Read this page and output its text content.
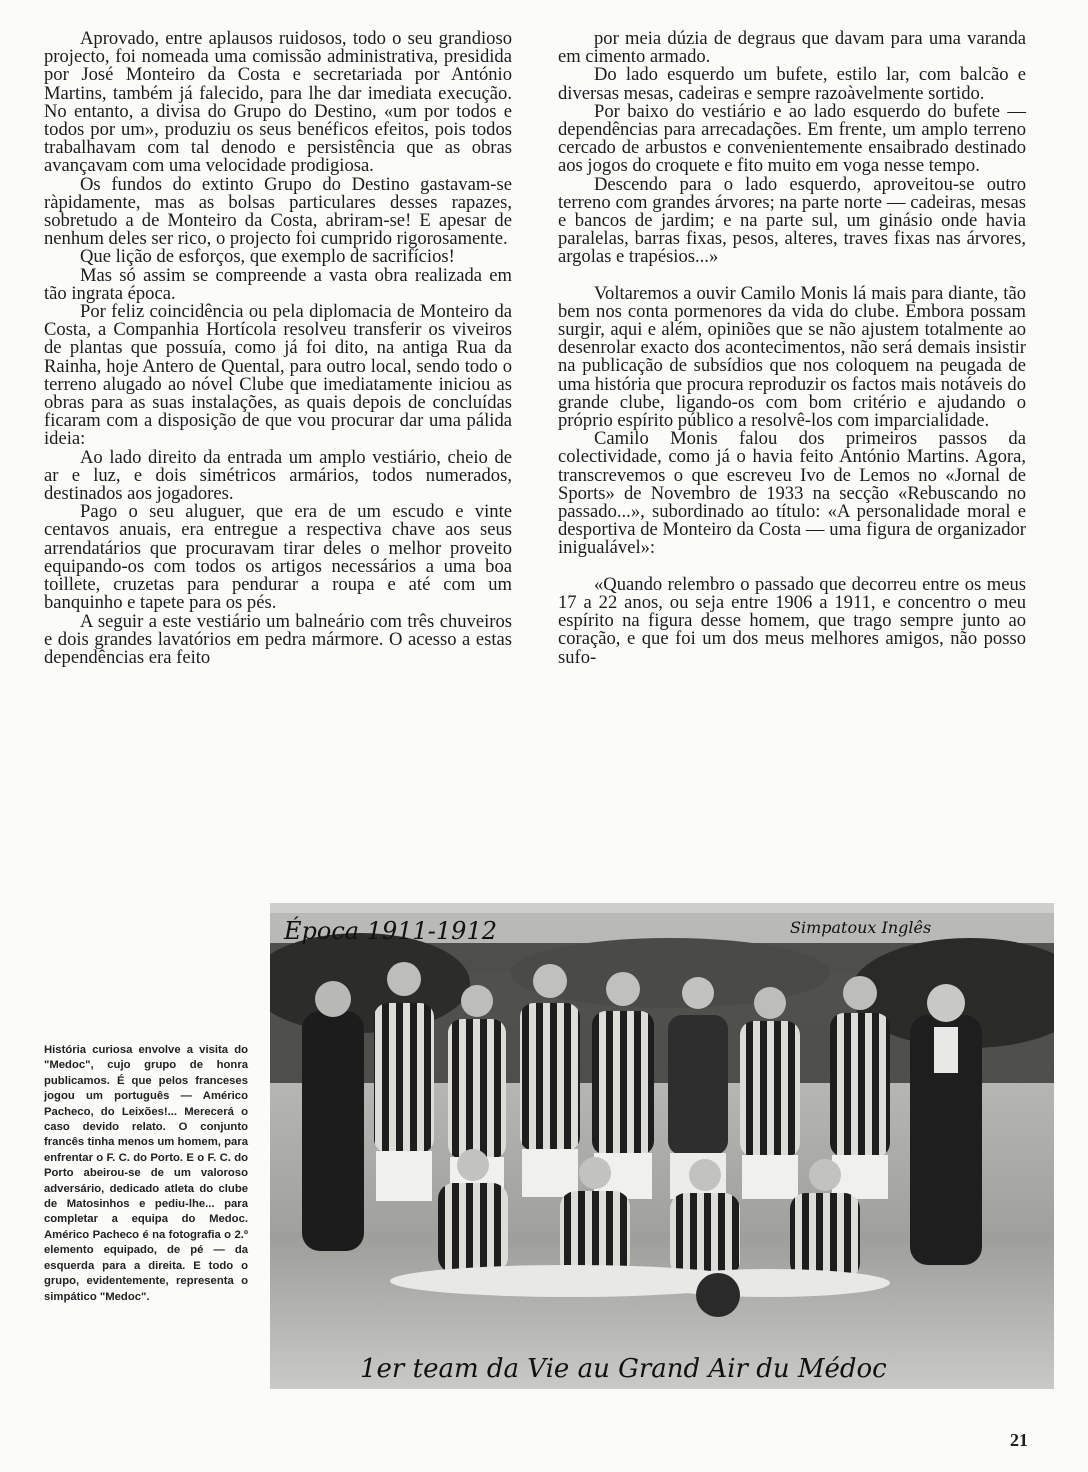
Aprovado, entre aplausos ruidosos, todo o seu grandioso projecto, foi nomeada uma comissão administrativa, presidida por José Monteiro da Costa e secretariada por António Martins, também já falecido, para lhe dar imediata execução. No entanto, a divisa do Grupo do Destino, «um por todos e todos por um», produziu os seus benéficos efeitos, pois todos trabalhavam com tal denodo e persistência que as obras avançavam com uma velocidade prodigiosa.

Os fundos do extinto Grupo do Destino gastavam-se ràpidamente, mas as bolsas particulares desses rapazes, sobretudo a de Monteiro da Costa, abriram-se! E apesar de nenhum deles ser rico, o projecto foi cumprido rigorosamente.

Que lição de esforços, que exemplo de sacrifícios!

Mas só assim se compreende a vasta obra realizada em tão ingrata época.

Por feliz coincidência ou pela diplomacia de Monteiro da Costa, a Companhia Hortícola resolveu transferir os viveiros de plantas que possuía, como já foi dito, na antiga Rua da Rainha, hoje Antero de Quental, para outro local, sendo todo o terreno alugado ao nóvel Clube que imediatamente iniciou as obras para as suas instalações, as quais depois de concluídas ficaram com a disposição de que vou procurar dar uma pálida ideia:

Ao lado direito da entrada um amplo vestiário, cheio de ar e luz, e dois simétricos armários, todos numerados, destinados aos jogadores.

Pago o seu aluguer, que era de um escudo e vinte centavos anuais, era entregue a respectiva chave aos seus arrendatários que procuravam tirar deles o melhor proveito equipando-os com todos os artigos necessários a uma boa toillete, cruzetas para pendurar a roupa e até com um banquinho e tapete para os pés.

A seguir a este vestiário um balneário com três chuveiros e dois grandes lavatórios em pedra mármore. O acesso a estas dependências era feito

por meia dúzia de degraus que davam para uma varanda em cimento armado.

Do lado esquerdo um bufete, estilo lar, com balcão e diversas mesas, cadeiras e sempre razoàvelmente sortido.

Por baixo do vestiário e ao lado esquerdo do bufete — dependências para arrecadações. Em frente, um amplo terreno cercado de arbustos e convenientemente ensaibrado destinado aos jogos do croquete e fito muito em voga nesse tempo.

Descendo para o lado esquerdo, aproveitou-se outro terreno com grandes árvores; na parte norte — cadeiras, mesas e bancos de jardim; e na parte sul, um ginásio onde havia paralelas, barras fixas, pesos, alteres, traves fixas nas árvores, argolas e trapésios...»

Voltaremos a ouvir Camilo Monis lá mais para diante, tão bem nos conta pormenores da vida do clube. Embora possam surgir, aqui e além, opiniões que se não ajustem totalmente ao desenrolar exacto dos acontecimentos, não será demais insistir na publicação de subsídios que nos coloquem na peugada de uma história que procura reproduzir os factos mais notáveis do grande clube, ligando-os com bom critério e ajudando o próprio espírito público a resolvê-los com imparcialidade.

Camilo Monis falou dos primeiros passos da colectividade, como já o havia feito António Martins. Agora, transcrevemos o que escreveu Ivo de Lemos no «Jornal de Sports» de Novembro de 1933 na secção «Rebuscando no passado...», subordinado ao título: «A personalidade moral e desportiva de Monteiro da Costa — uma figura de organizador inigualável»:

«Quando relembro o passado que decorreu entre os meus 17 a 22 anos, ou seja entre 1906 a 1911, e concentro o meu espírito na figura desse homem, que trago sempre junto ao coração, e que foi um dos meus melhores amigos, não posso sufo-

Época 1911-1912	Simpatoux Inglês
1er team da Vie au Grand Air du Médoc
História curiosa envolve a visita do "Medoc", cujo grupo de honra publicamos. É que pelos franceses jogou um português — Américo Pacheco, do Leixões!... Merecerá o caso devido relato. O conjunto francês tinha menos um homem, para enfrentar o F. C. do Porto. E o F. C. do Porto abeirou-se de um valoroso adversário, dedicado atleta do clube de Matosinhos e pediu-lhe... para completar a equipa do Medoc. Américo Pacheco é na fotografia o 2.º elemento equipado, de pé — da esquerda para a direita. E todo o grupo, evidentemente, representa o simpático "Medoc".
21
